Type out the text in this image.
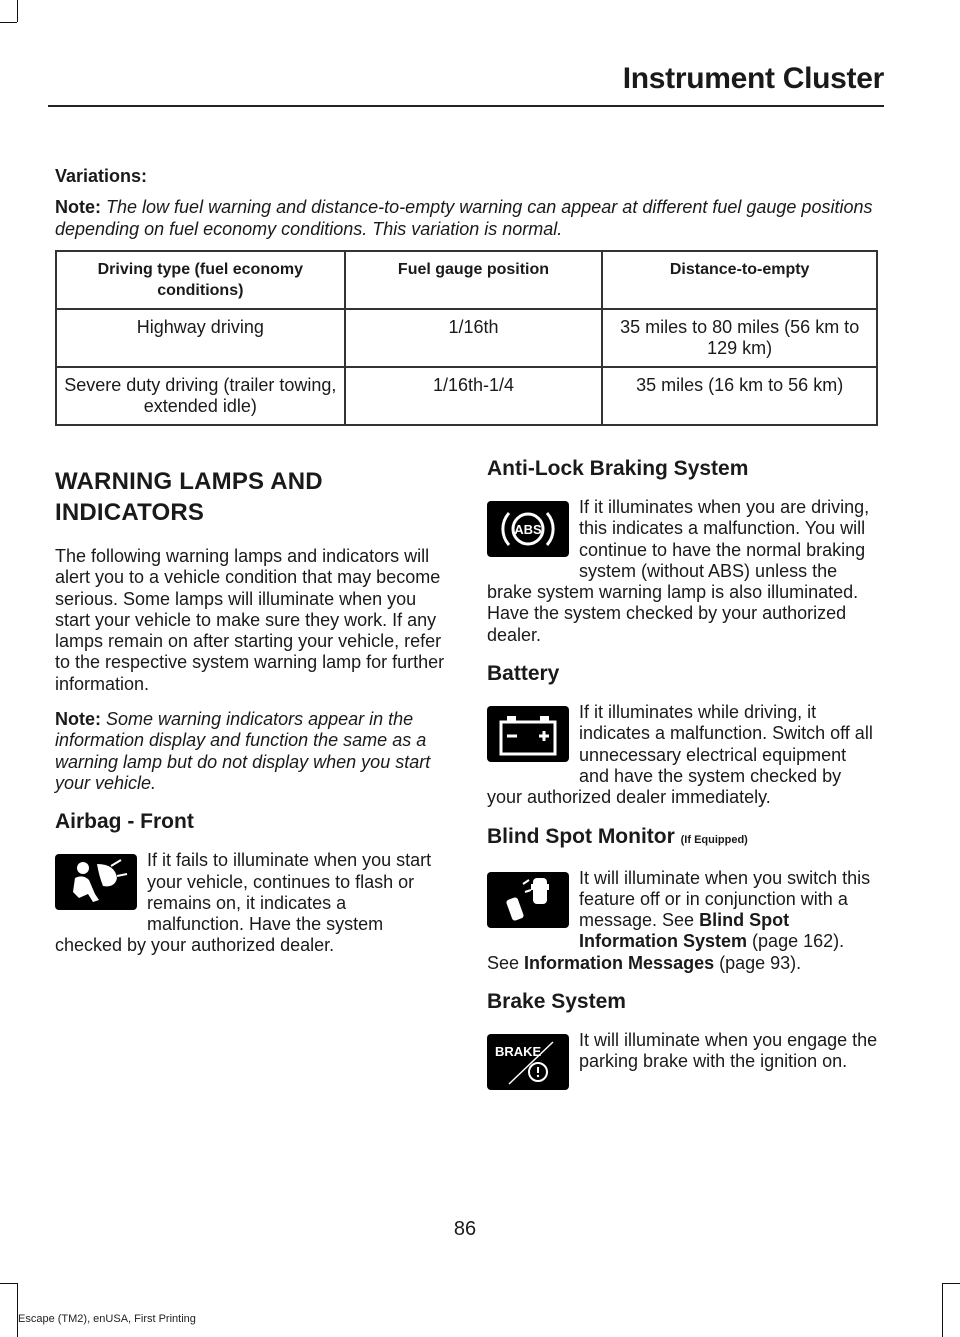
Instrument Cluster
Variations:
Note: The low fuel warning and distance-to-empty warning can appear at different fuel gauge positions depending on fuel economy conditions. This variation is normal.
Driving type (fuel economy conditions)	Fuel gauge position	Distance-to-empty
Highway driving	1/16th	35 miles to 80 miles (56 km to 129 km)
Severe duty driving (trailer towing, extended idle)	1/16th-1/4	35 miles (16 km to 56 km)
WARNING LAMPS AND INDICATORS

The following warning lamps and indicators will alert you to a vehicle condition that may become serious. Some lamps will illuminate when you start your vehicle to make sure they work. If any lamps remain on after starting your vehicle, refer to the respective system warning lamp for further information.

Note: Some warning indicators appear in the information display and function the same as a warning lamp but do not display when you start your vehicle.

Airbag - Front

If it fails to illuminate when you start your vehicle, continues to flash or remains on, it indicates a malfunction. Have the system checked by your authorized dealer.

Anti-Lock Braking System
ABS

If it illuminates when you are driving, this indicates a malfunction. You will continue to have the normal braking system (without ABS) unless the brake system warning lamp is also illuminated. Have the system checked by your authorized dealer.

Battery

If it illuminates while driving, it indicates a malfunction. Switch off all unnecessary electrical equipment and have the system checked by your authorized dealer immediately.

Blind Spot Monitor (If Equipped)

It will illuminate when you switch this feature off or in conjunction with a message. See Blind Spot Information System (page 162). See Information Messages (page 93).

Brake System
BRAKE

It will illuminate when you engage the parking brake with the ignition on.

86
Escape (TM2), enUSA, First Printing
